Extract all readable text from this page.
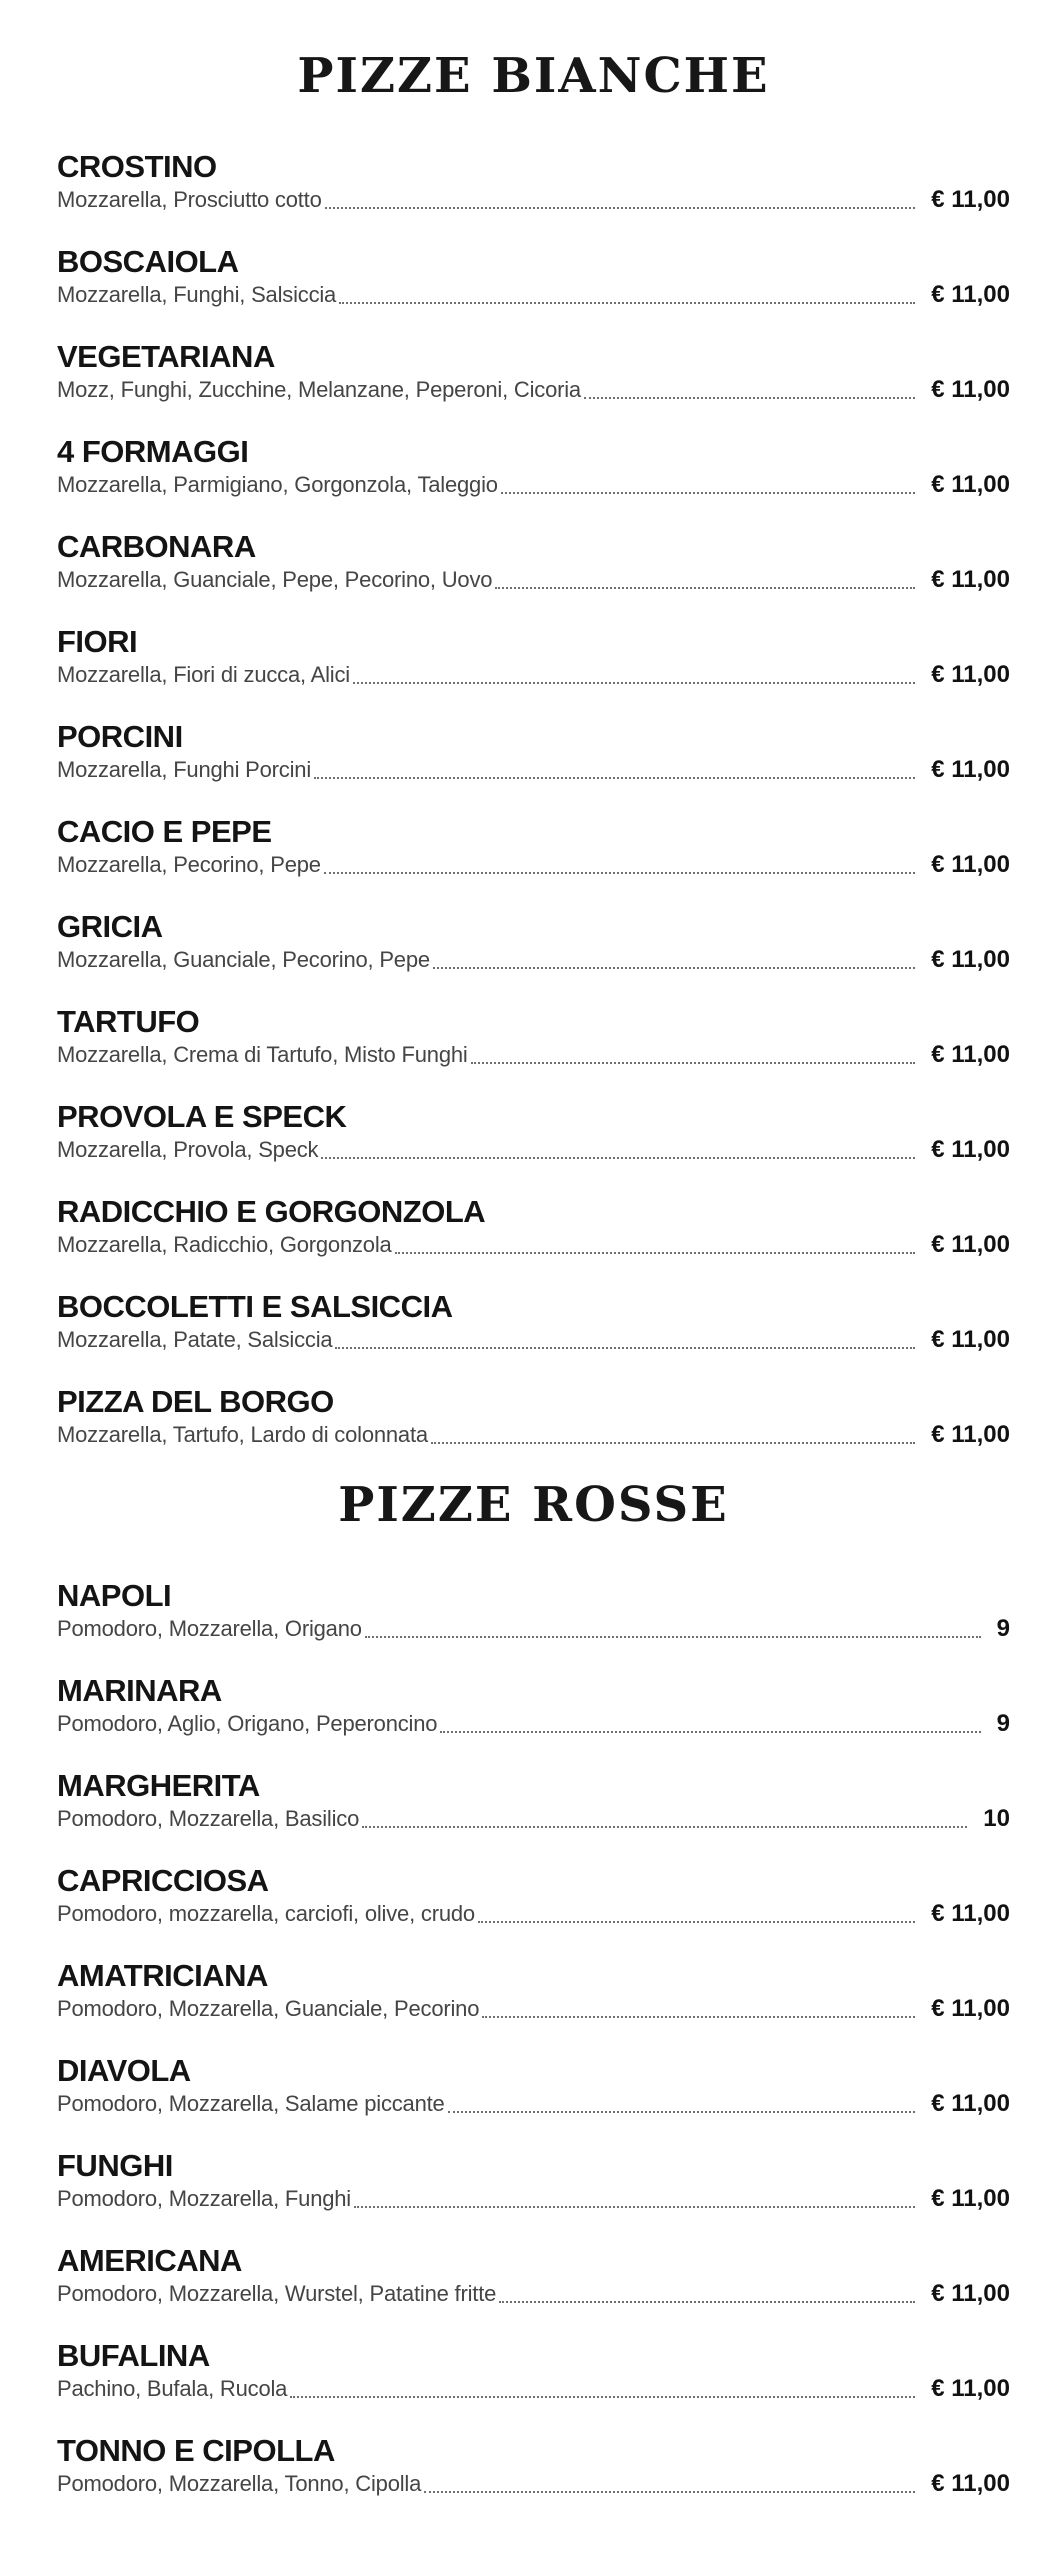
PIZZE BIANCHE
CROSTINO
Mozzarella, Prosciutto cotto	€ 11,00
BOSCAIOLA
Mozzarella, Funghi, Salsiccia	€ 11,00
VEGETARIANA
Mozz, Funghi, Zucchine, Melanzane, Peperoni, Cicoria	€ 11,00
4 FORMAGGI
Mozzarella, Parmigiano, Gorgonzola, Taleggio	€ 11,00
CARBONARA
Mozzarella, Guanciale, Pepe, Pecorino, Uovo	€ 11,00
FIORI
Mozzarella, Fiori di zucca, Alici	€ 11,00
PORCINI
Mozzarella, Funghi Porcini	€ 11,00
CACIO E PEPE
Mozzarella, Pecorino, Pepe	€ 11,00
GRICIA
Mozzarella, Guanciale, Pecorino, Pepe	€ 11,00
TARTUFO
Mozzarella, Crema di Tartufo, Misto Funghi	€ 11,00
PROVOLA E SPECK
Mozzarella, Provola, Speck	€ 11,00
RADICCHIO E GORGONZOLA
Mozzarella, Radicchio, Gorgonzola	€ 11,00
BOCCOLETTI E SALSICCIA
Mozzarella, Patate, Salsiccia	€ 11,00
PIZZA DEL BORGO
Mozzarella, Tartufo, Lardo di colonnata	€ 11,00
PIZZE ROSSE
NAPOLI
Pomodoro, Mozzarella, Origano	9
MARINARA
Pomodoro, Aglio, Origano, Peperoncino	9
MARGHERITA
Pomodoro, Mozzarella, Basilico	10
CAPRICCIOSA
Pomodoro, mozzarella, carciofi, olive, crudo	€ 11,00
AMATRICIANA
Pomodoro, Mozzarella, Guanciale, Pecorino	€ 11,00
DIAVOLA
Pomodoro, Mozzarella, Salame piccante	€ 11,00
FUNGHI
Pomodoro, Mozzarella, Funghi	€ 11,00
AMERICANA
Pomodoro, Mozzarella, Wurstel, Patatine fritte	€ 11,00
BUFALINA
Pachino, Bufala, Rucola	€ 11,00
TONNO E CIPOLLA
Pomodoro, Mozzarella, Tonno, Cipolla	€ 11,00
